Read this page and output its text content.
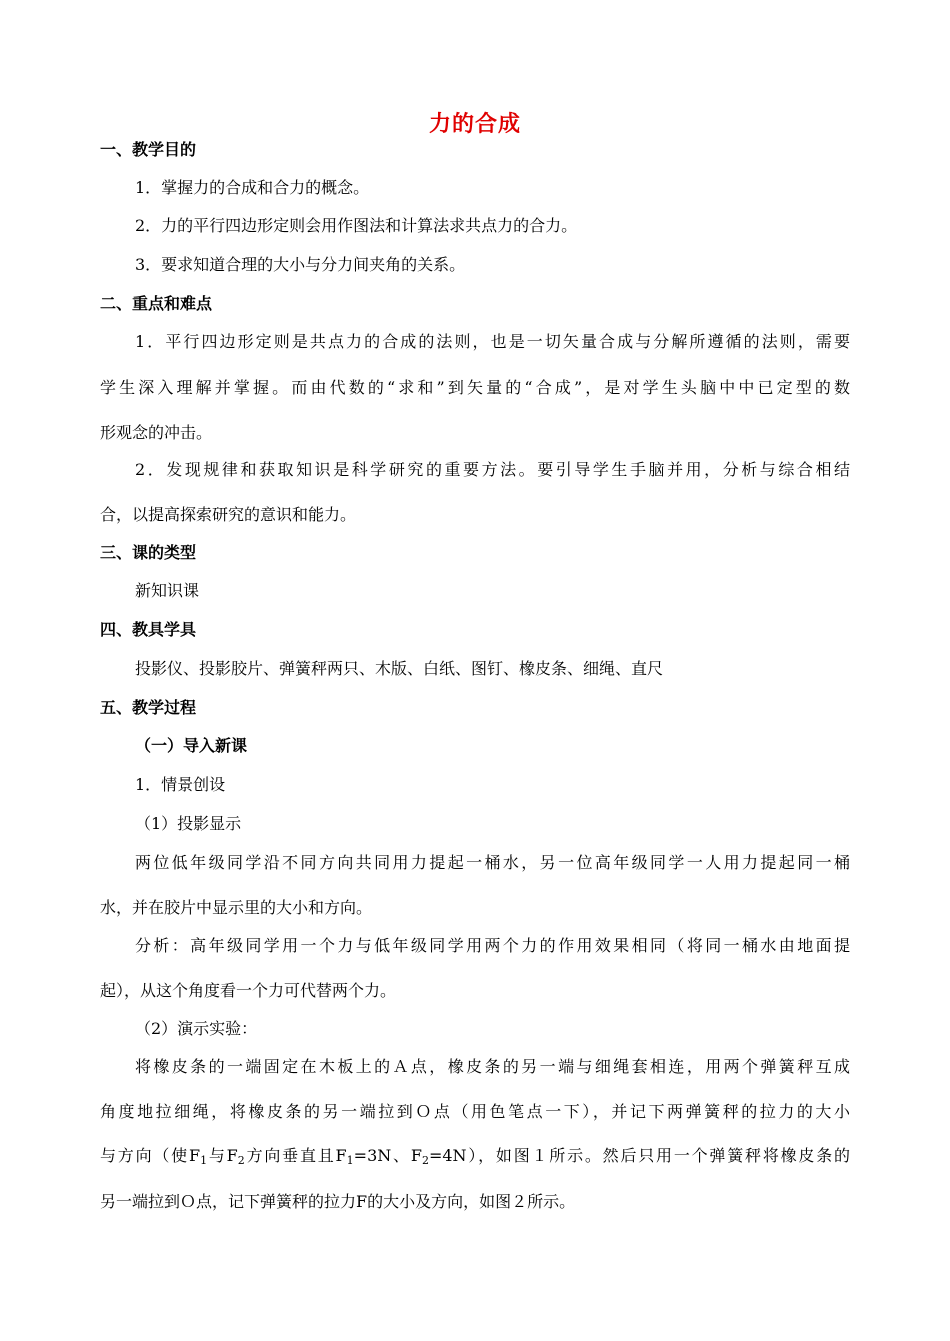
力的合成
一、教学目的
1．掌握力的合成和合力的概念。
2．力的平行四边形定则会用作图法和计算法求共点力的合力。
3．要求知道合理的大小与分力间夹角的关系。
二、重点和难点
1．平行四边形定则是共点力的合成的法则，也是一切矢量合成与分解所遵循的法则，需要
学生深入理解并掌握。而由代数的“求和”到矢量的“合成”，是对学生头脑中中已定型的数
形观念的冲击。
2．发现规律和获取知识是科学研究的重要方法。要引导学生手脑并用，分析与综合相结
合，以提高探索研究的意识和能力。
三、课的类型
新知识课
四、教具学具
投影仪、投影胶片、弹簧秤两只、木版、白纸、图钉、橡皮条、细绳、直尺
五、教学过程
（一）导入新课
1．情景创设
（1）投影显示
两位低年级同学沿不同方向共同用力提起一桶水，另一位高年级同学一人用力提起同一桶
水，并在胶片中显示里的大小和方向。
分析：高年级同学用一个力与低年级同学用两个力的作用效果相同（将同一桶水由地面提
起），从这个角度看一个力可代替两个力。
（2）演示实验：
将橡皮条的一端固定在木板上的Ａ点，橡皮条的另一端与细绳套相连，用两个弹簧秤互成
角度地拉细绳，将橡皮条的另一端拉到Ｏ点（用色笔点一下），并记下两弹簧秤的拉力的大小
与方向（使$F_1$与$F_2$方向垂直且$F_1=3N$、$F_2=4N$），如图１所示。然后只用一个弹簧秤将橡皮条的
另一端拉到Ｏ点，记下弹簧秤的拉力F的大小及方向，如图２所示。
